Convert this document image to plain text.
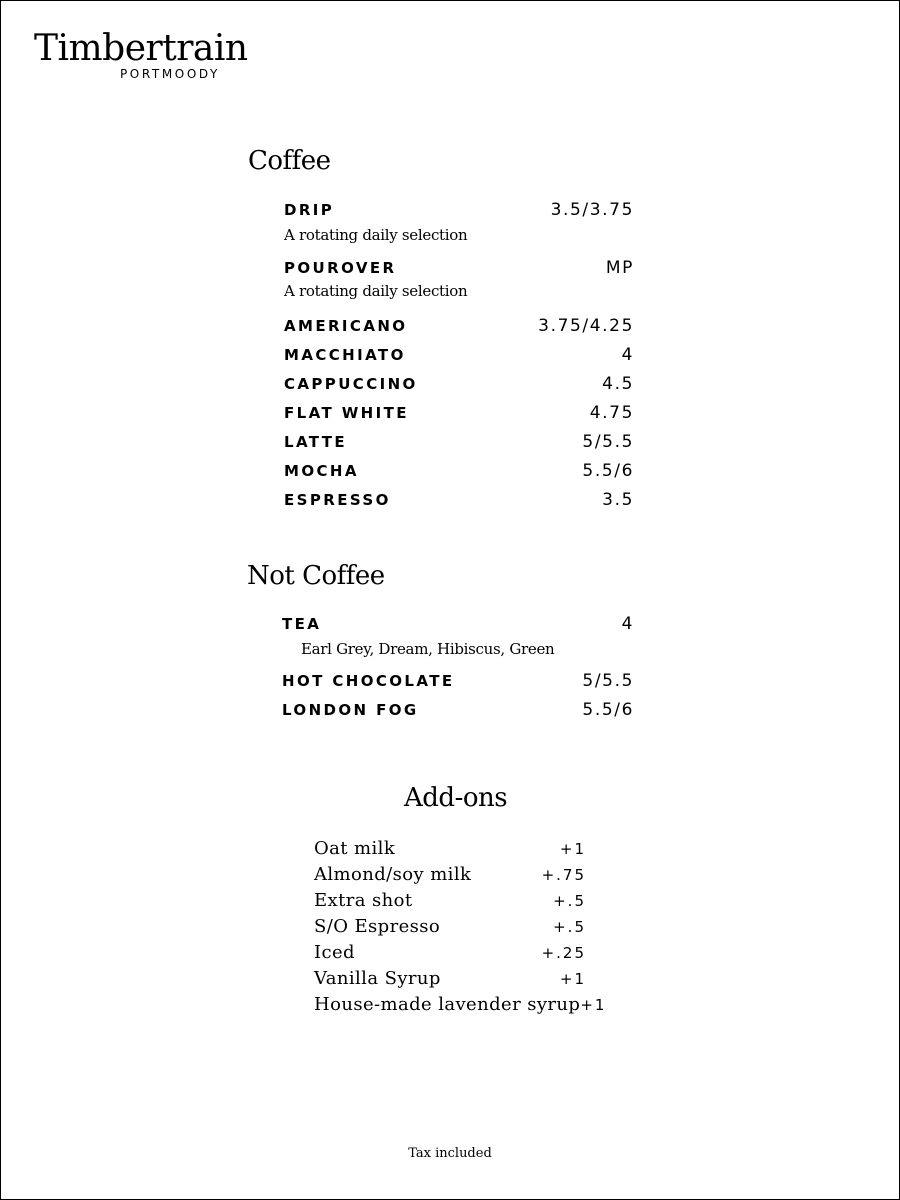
Timbertrain
PORTMOODY
Coffee
DRIP	3.5/3.75
A rotating daily selection
POUROVER	MP
A rotating daily selection
AMERICANO	3.75/4.25
MACCHIATO	4
CAPPUCCINO	4.5
FLAT WHITE	4.75
LATTE	5/5.5
MOCHA	5.5/6
ESPRESSO	3.5
Not Coffee
TEA	4
Earl Grey, Dream, Hibiscus, Green
HOT CHOCOLATE	5/5.5
LONDON FOG	5.5/6
Add-ons
Oat milk	+1
Almond/soy milk	+.75
Extra shot	+.5
S/O Espresso	+.5
Iced	+.25
Vanilla Syrup	+1
House-made lavender syrup +1
Tax included
